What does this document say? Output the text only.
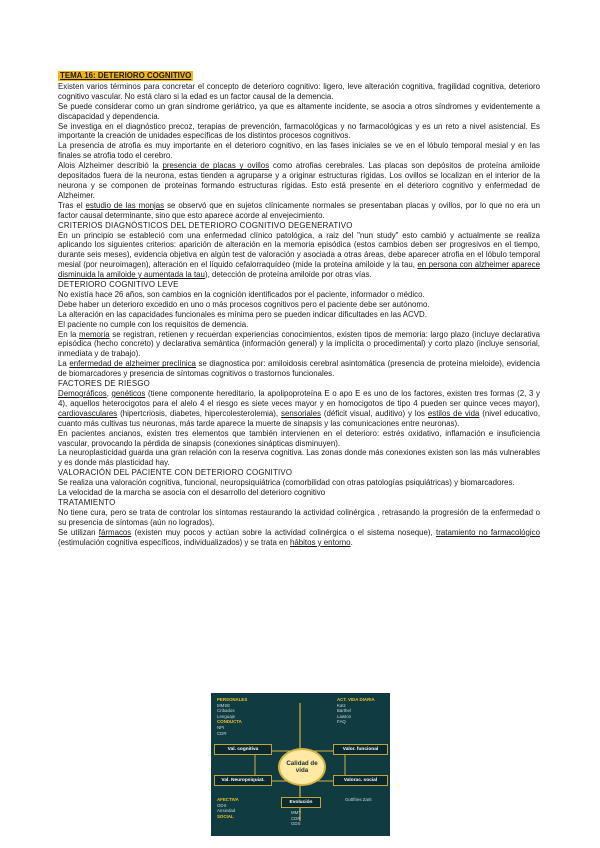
TEMA 16: DETERIORO COGNITIVO

Existen varios términos para concretar el concepto de deterioro cognitivo: ligero, leve alteración cognitiva, fragilidad cognitiva, deterioro cognitivo vascular. No está claro si la edad es un factor causal de la demencia.

Se puede considerar como un gran síndrome geriátrico, ya que es altamente incidente, se asocia a otros síndromes y evidentemente a discapacidad y dependencia.

Se investiga en el diagnóstico precoz, terapias de prevención, farmacológicas y no farmacológicas y es un reto a nivel asistencial. Es importante la creación de unidades específicas de los distintos procesos cognitivos.

La presencia de atrofia es muy importante en el deterioro cognitivo, en las fases iniciales se ve en el lóbulo temporal mesial y en las finales se atrofia todo el cerebro.

Alois Alzheimer describió la presencia de placas y ovillos como atrofias cerebrales. Las placas son depósitos de proteína amiloide depositados fuera de la neurona, estas tienden a agruparse y a originar estructuras rígidas. Los ovillos se localizan en el interior de la neurona y se componen de proteínas formando estructuras rígidas. Esto está presente en el deterioro cognitivo y enfermedad de Alzheimer.

Tras el estudio de las monjas se observó que en sujetos clínicamente normales se presentaban placas y ovillos, por lo que no era un factor causal determinante, sino que esto aparece acorde al envejecimiento.

CRITERIOS DIAGNÓSTICOS DEL DETERIORO COGNITIVO DEGENERATIVO

En un principio se estableció com una enfermedad clínico patológica, a raiz del "nun study" esto cambió y actualmente se realiza aplicando los siguientes criterios: aparición de alteración en la memoria episódica (estos cambios deben ser progresivos en el tiempo, durante seis meses), evidencia objetiva en algún test de valoración y asociada a otras áreas, debe aparecer atrofia en el lóbulo temporal mesial (por neuroimagen), alteración en el líquido cefalorraquídeo (mide la proteína amiloide y la tau, en persona con alzheimer aparece disminuida la amiloide y aumentada la tau), detección de proteína amiloide por otras vías.

DETERIORO COGNITIVO LEVE

No existía hace 26 años, son cambios en la cognición identificados por el paciente, informador o médico.

Debe haber un deterioro excedido en uno o más procesos cognitivos pero el paciente debe ser autónomo.

La alteración en las capacidades funcionales es mínima pero se pueden indicar dificultades en las ACVD.

El paciente no cumple con los requisitos de demencia.

En la memoria se registran, retienen y recuerdan experiencias conocimientos, existen tipos de memoria: largo plazo (incluye declarativa episódica (hecho concreto) y declarativa semántica (información general) y la implícita o procedimental) y corto plazo (incluye sensorial, inmediata y de trabajo).

La enfermedad de alzheimer preclínica se diagnostica por: amiloidosis cerebral asintomática (presencia de proteína mieloide), evidencia de biomarcadores y presencia de síntomas cognitivos o trastornos funcionales.

FACTORES DE RIESGO

Demográficos, genéticos (tiene componente hereditario, la apolipoproteína E o apo E es uno de los factores, existen tres formas (2, 3 y 4), aquellos heterocigotos para el alelo 4 el riesgo es siete veces mayor y en homocigotos de tipo 4 pueden ser quince veces mayor), cardiovasculares (hipertcriosis, diabetes, hipercolesterolemia), sensoriales (déficit visual, auditivo) y los estilos de vida (nivel educativo, cuanto más cultivas tus neuronas, más tarde aparece la muerte de sinapsis y las comunicaciones entre neuronas).

En pacientes ancianos, existen tres elementos que también intervienen en el deterioro: estrés oxidativo, inflamación e insuficiencia vascular, provocando la pérdida de sinapsis (conexiones sinápticas disminuyen).

La neuroplasticidad guarda una gran relación con la reserva cognitiva. Las zonas donde más conexiones existen son las más vulnerables y es donde más plasticidad hay.

VALORACIÓN DEL PACIENTE CON DETERIORO COGNITIVO

Se realiza una valoración cognitiva, funcional, neuropsiquiátrica (comorbilidad con otras patologías psiquiátricas) y biomarcadores.

La velocidad de la marcha se asocia con el desarrollo del deterioro cognitivo

TRATAMIENTO

No tiene cura, pero se trata de controlar los síntomas restaurando la actividad colinérgica , retrasando la progresión de la enfermedad o su presencia de síntomas (aún no logrados).

Se utilizan fármacos (existen muy pocos y actúan sobre la actividad colinérgica o el sistema noseque), tratamiento no farmacológico (estimulación cognitiva específicos, individualizados) y se trata en hábitos y entorno.

PERSONALES
MMSE
Cribados
Lenguaje
CONDUCTA
NPI
CDR
ACT. VIDA DIARIA
Katz
Barthel
Lawton
FAQ
Val. cognitiva	Valor. funcional
Val. Neuropsiquiat.	Valorac. social
Calidad de vida
AFECTIVA
GDS
Ansiedad
SOCIAL
Gottfries Zarit
Evolución
MMT
CDR
GDS
